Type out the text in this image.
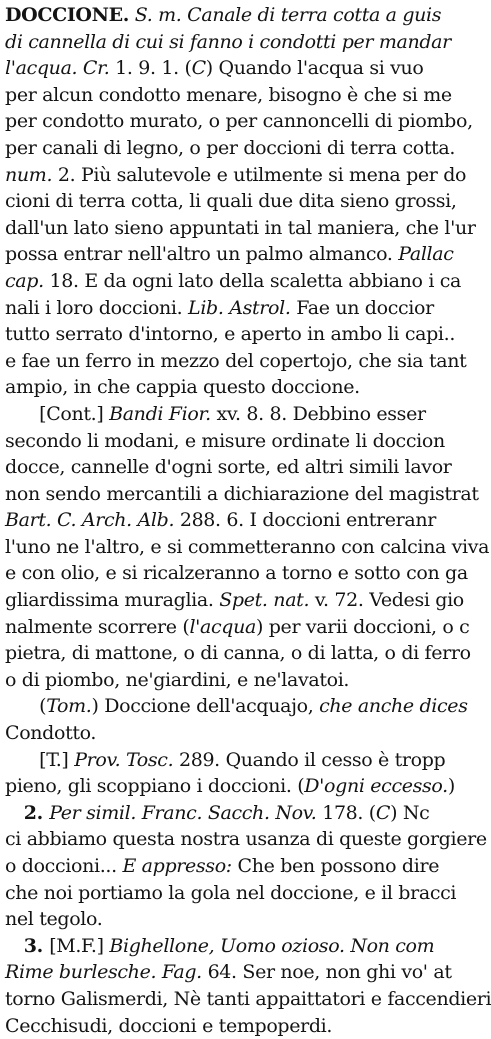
DOCCIONE. S. m. Canale di terra cotta a guis
di cannella di cui si fanno i condotti per mandar
l'acqua. Cr. 1. 9. 1. (C) Quando l'acqua si vuo
per alcun condotto menare, bisogno è che si me
per condotto murato, o per cannoncelli di piombo,
per canali di legno, o per doccioni di terra cotta.
num. 2. Più salutevole e utilmente si mena per do
cioni di terra cotta, li quali due dita sieno grossi,
dall'un lato sieno appuntati in tal maniera, che l'ur
possa entrar nell'altro un palmo almanco. Pallac
cap. 18. E da ogni lato della scaletta abbiano i ca
nali i loro doccioni. Lib. Astrol. Fae un doccior
tutto serrato d'intorno, e aperto in ambo li capi..
e fae un ferro in mezzo del copertojo, che sia tant
ampio, in che cappia questo doccione.
[Cont.] Bandi Fior. xv. 8. 8. Debbino esser
secondo li modani, e misure ordinate li doccion
docce, cannelle d'ogni sorte, ed altri simili lavor
non sendo mercantili a dichiarazione del magistrat
Bart. C. Arch. Alb. 288. 6. I doccioni entreranr
l'uno ne l'altro, e si commetteranno con calcina viva
e con olio, e si ricalzeranno a torno e sotto con ga
gliardissima muraglia. Spet. nat. v. 72. Vedesi gio
nalmente scorrere (l'acqua) per varii doccioni, o c
pietra, di mattone, o di canna, o di latta, o di ferro
o di piombo, ne'giardini, e ne'lavatoi.
(Tom.) Doccione dell'acquajo, che anche dices
Condotto.
[T.] Prov. Tosc. 289. Quando il cesso è tropp
pieno, gli scoppiano i doccioni. (D'ogni eccesso.)
2. Per simil. Franc. Sacch. Nov. 178. (C) Nc
ci abbiamo questa nostra usanza di queste gorgiere
o doccioni... E appresso: Che ben possono dire
che noi portiamo la gola nel doccione, e il bracci
nel tegolo.
3. [M.F.] Bighellone, Uomo ozioso. Non com
Rime burlesche. Fag. 64. Ser noe, non ghi vo' at
torno Galismerdi, Nè tanti appaittatori e faccendieri
Cecchisudi, doccioni e tempoperdi.
